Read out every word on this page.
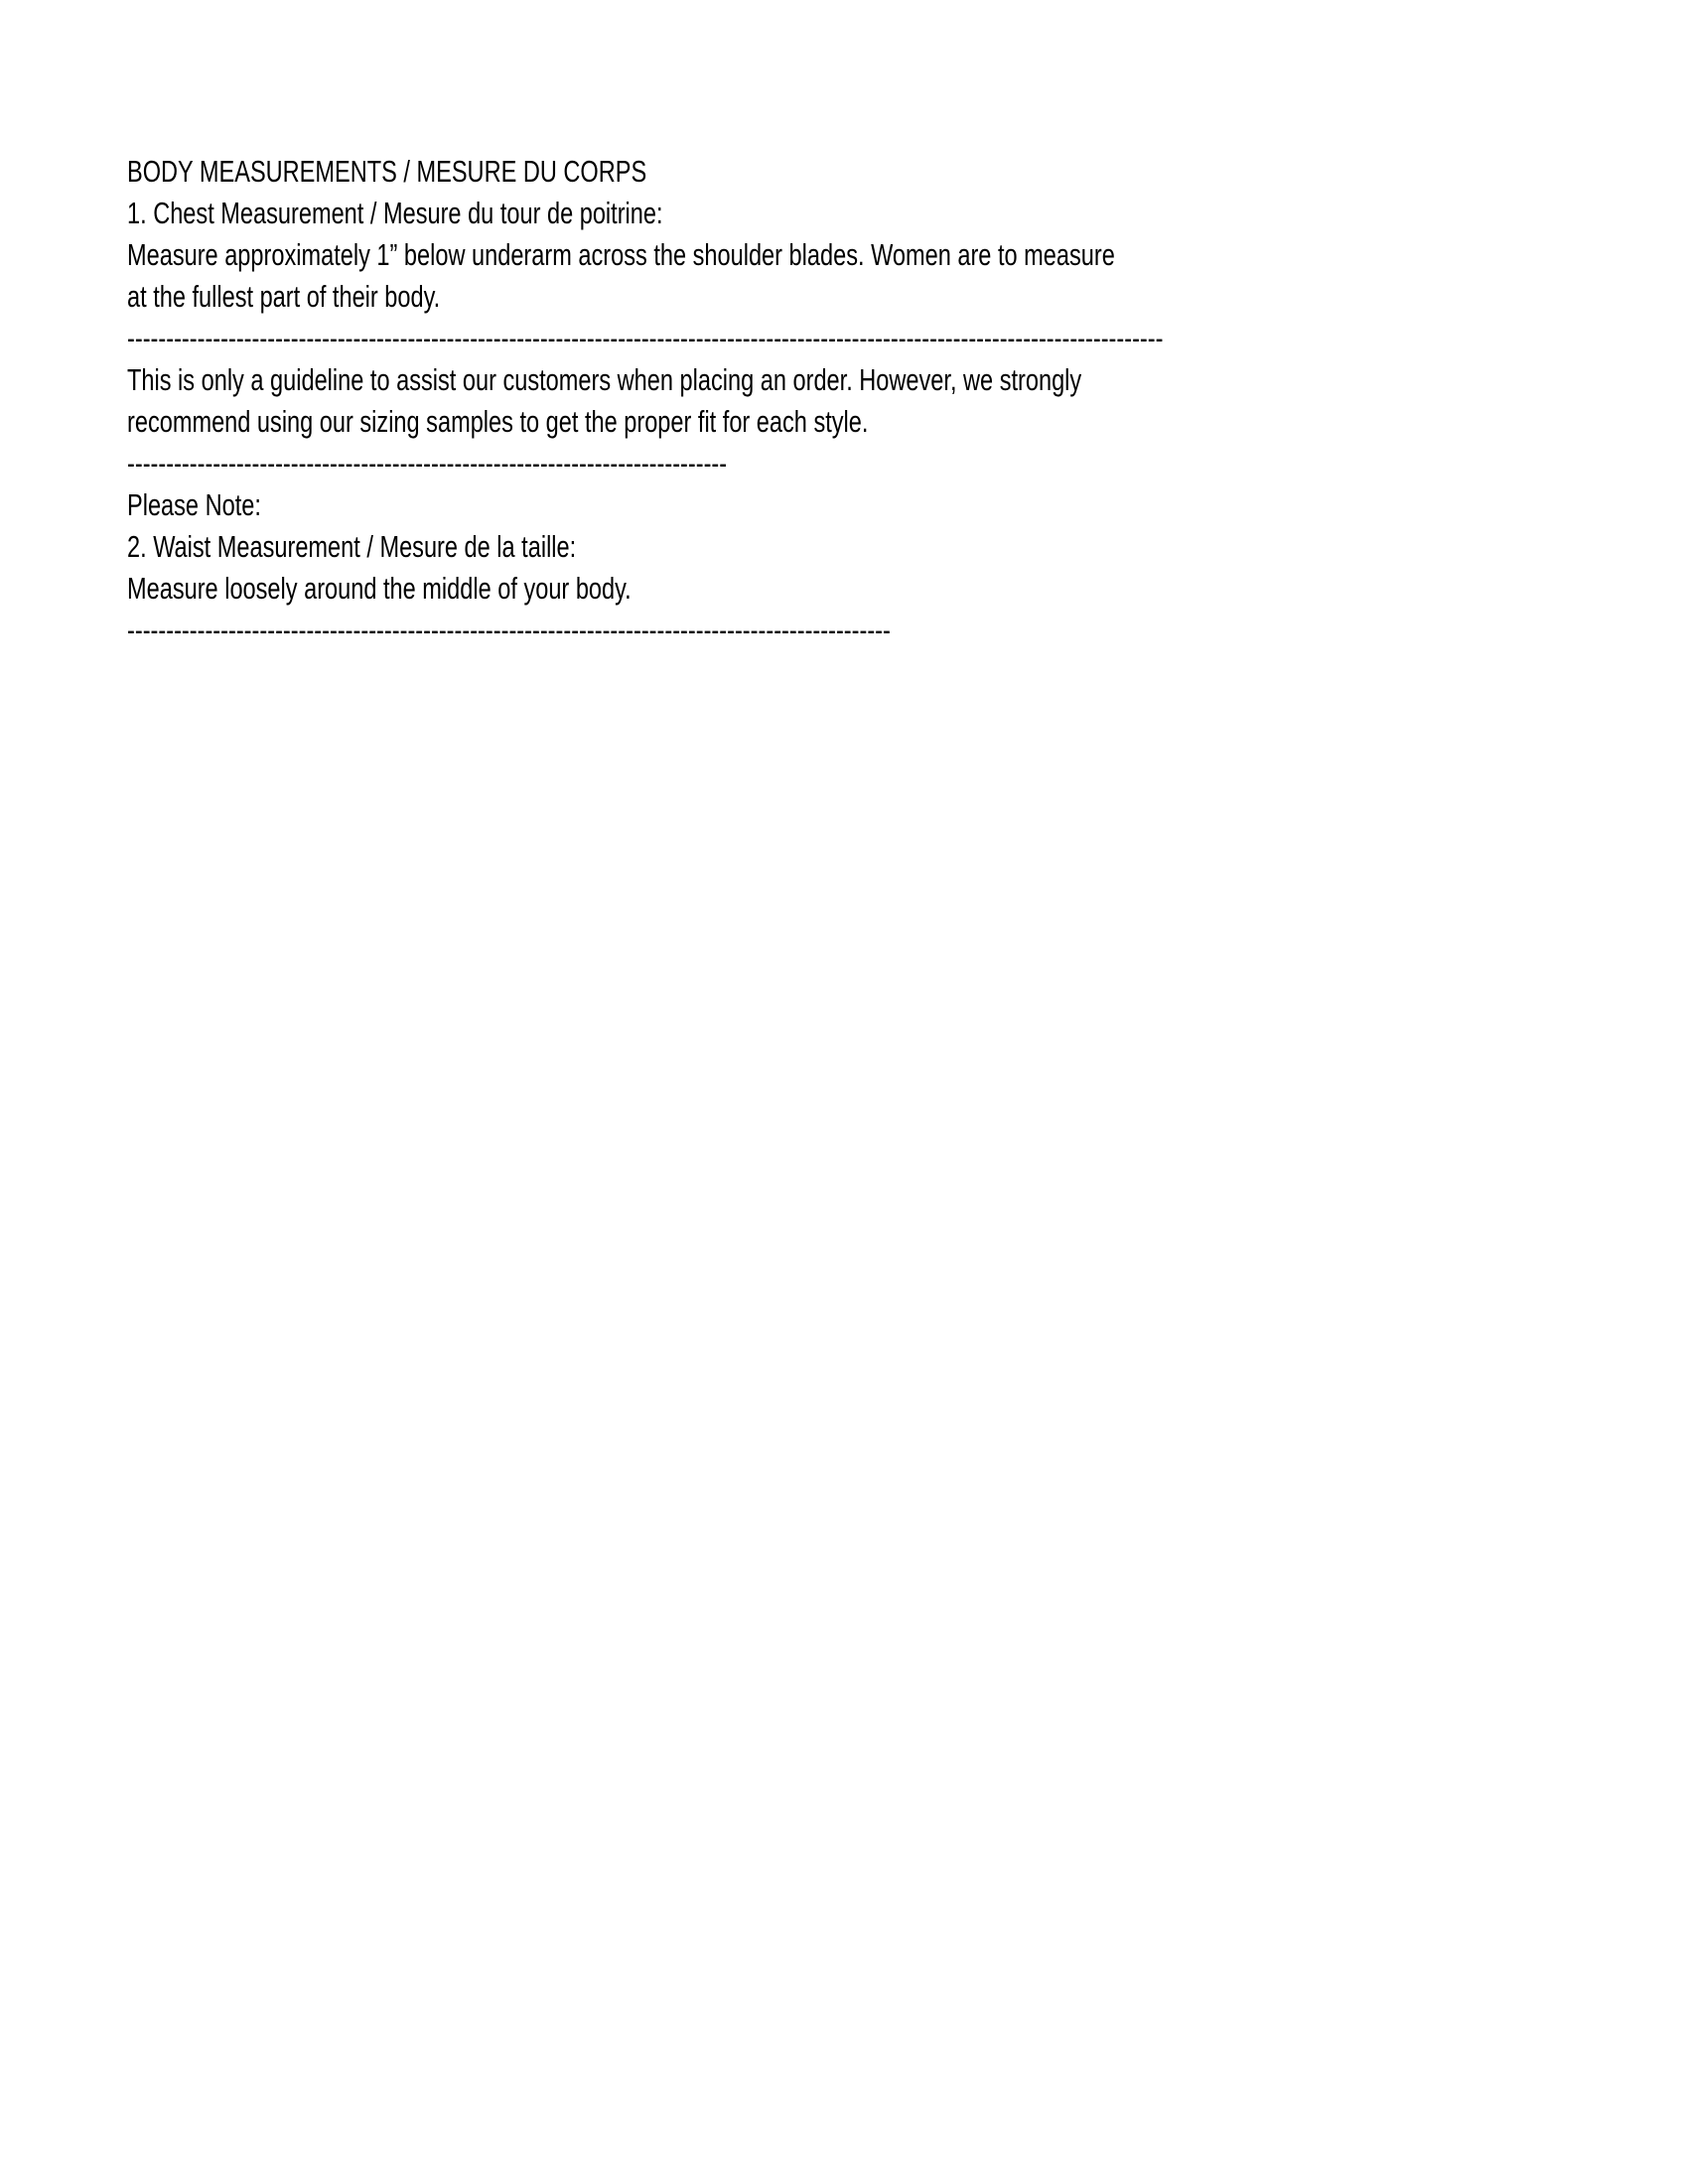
BODY MEASUREMENTS / MESURE DU CORPS
1. Chest Measurement / Mesure du tour de poitrine:
Measure approximately 1” below underarm across the shoulder blades. Women are to measure
at the fullest part of their body.
-------------------------------------------------------------------------------------------------------------------------------------
This is only a guideline to assist our customers when placing an order. However, we strongly
recommend using our sizing samples to get the proper fit for each style.
-----------------------------------------------------------------------------
Please Note:
2. Waist Measurement / Mesure de la taille:
Measure loosely around the middle of your body.
--------------------------------------------------------------------------------------------------
